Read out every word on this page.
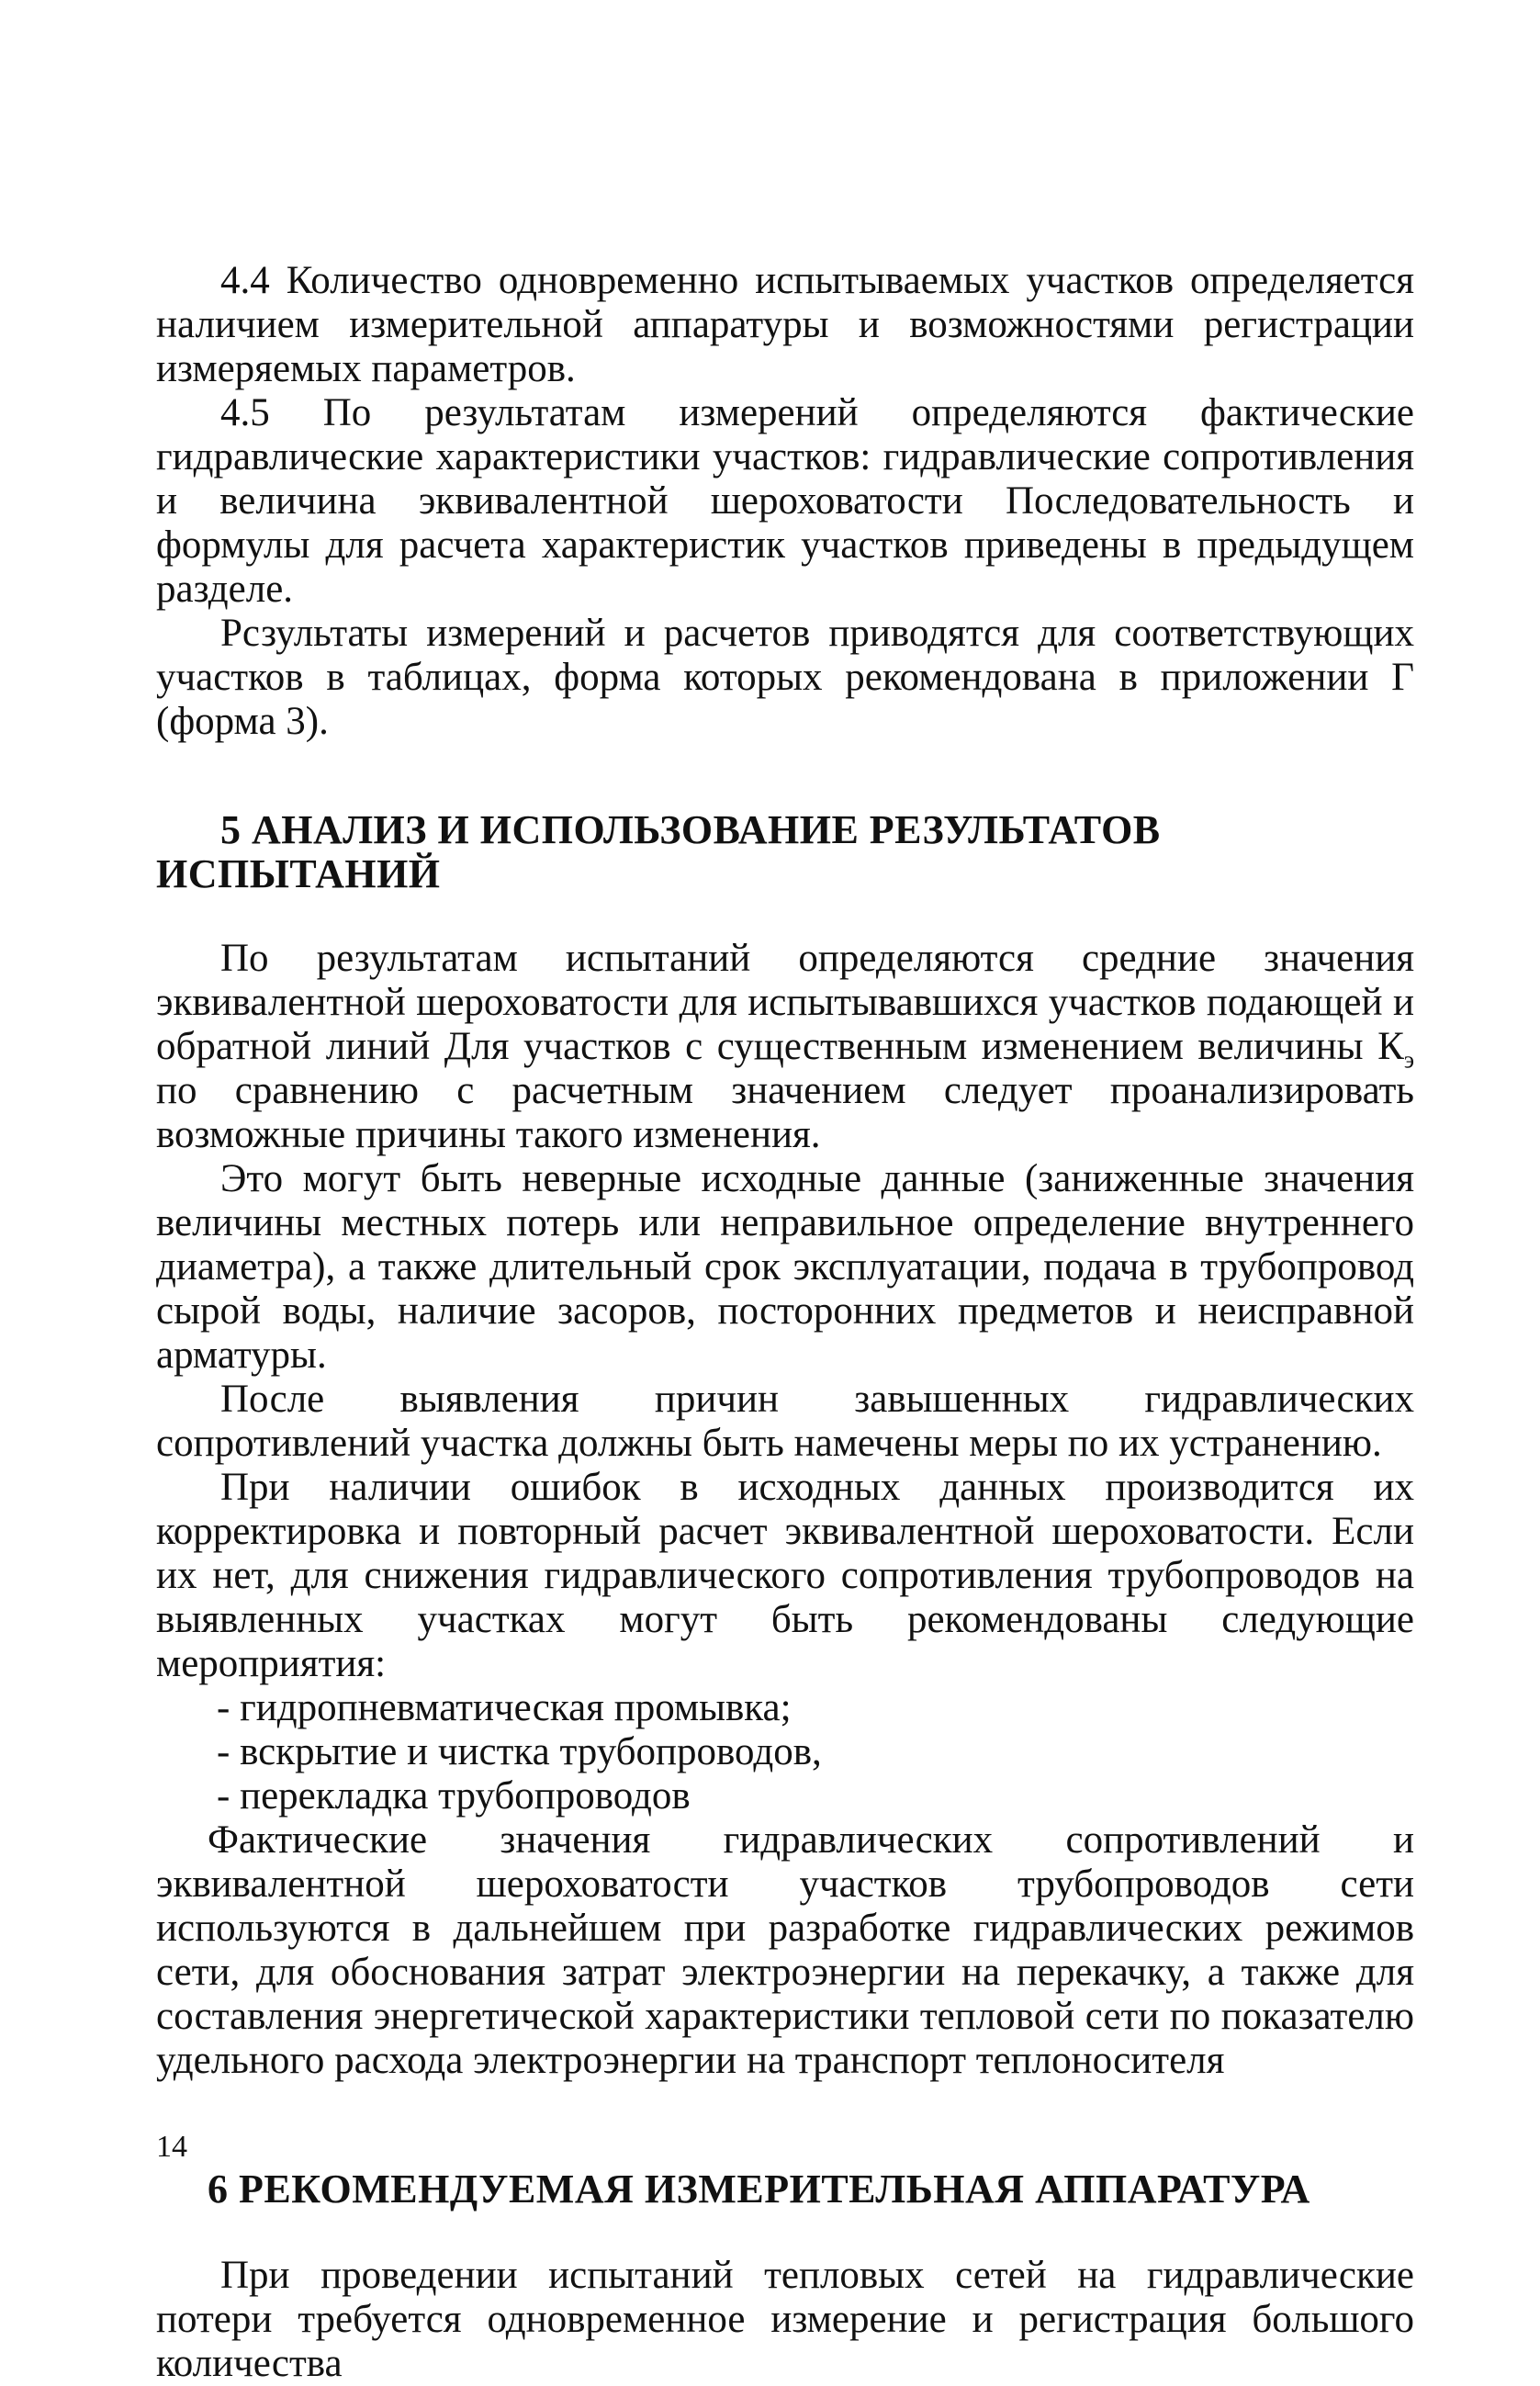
4.4 Количество одновременно испытываемых участков определяется наличием измерительной аппаратуры и возможностями регистрации измеряемых параметров.

4.5 По результатам измерений определяются фактические гидравлические характеристики участков: гидравлические сопротивления и величина эквивалентной шероховатости Последовательность и формулы для расчета характеристик участков приведены в предыдущем разделе.

Рсзультаты измерений и расчетов приводятся для соответствующих участков в таблицах, форма которых рекомендована в приложении Г (форма 3).

5 АНАЛИЗ И ИСПОЛЬЗОВАНИЕ РЕЗУЛЬТАТОВ
ИСПЫТАНИЙ

По результатам испытаний определяются средние значения эквивалентной шероховатости для испытывавшихся участков подающей и обратной линий Для участков с существенным изменением величины $К_э$ по сравнению с расчетным значением следует проанализировать возможные причины такого изменения.

Это могут быть неверные исходные данные (заниженные значения величины местных потерь или неправильное определение внутреннего диаметра), а также длительный срок эксплуатации, подача в трубопровод сырой воды, наличие засоров, посторонних предметов и неисправной арматуры.

После выявления причин завышенных гидравлических сопротивлений участка должны быть намечены меры по их устранению.

При наличии ошибок в исходных данных производится их корректировка и повторный расчет эквивалентной шероховатости. Если их нет, для снижения гидравлического сопротивления трубопроводов на выявленных участках могут быть рекомендованы следующие мероприятия:

- гидропневматическая промывка;

- вскрытие и чистка трубопроводов,

- перекладка трубопроводов

Фактические значения гидравлических сопротивлений и эквивалентной шероховатости участков трубопроводов сети используются в дальнейшем при разработке гидравлических режимов сети, для обоснования затрат электроэнергии на перекачку, а также для составления энергетической характеристики тепловой сети по показателю удельного расхода электроэнергии на транспорт теплоносителя

6 РЕКОМЕНДУЕМАЯ ИЗМЕРИТЕЛЬНАЯ АППАРАТУРА

При проведении испытаний тепловых сетей на гидравлические потери требуется одновременное измерение и регистрация большого количества

14
